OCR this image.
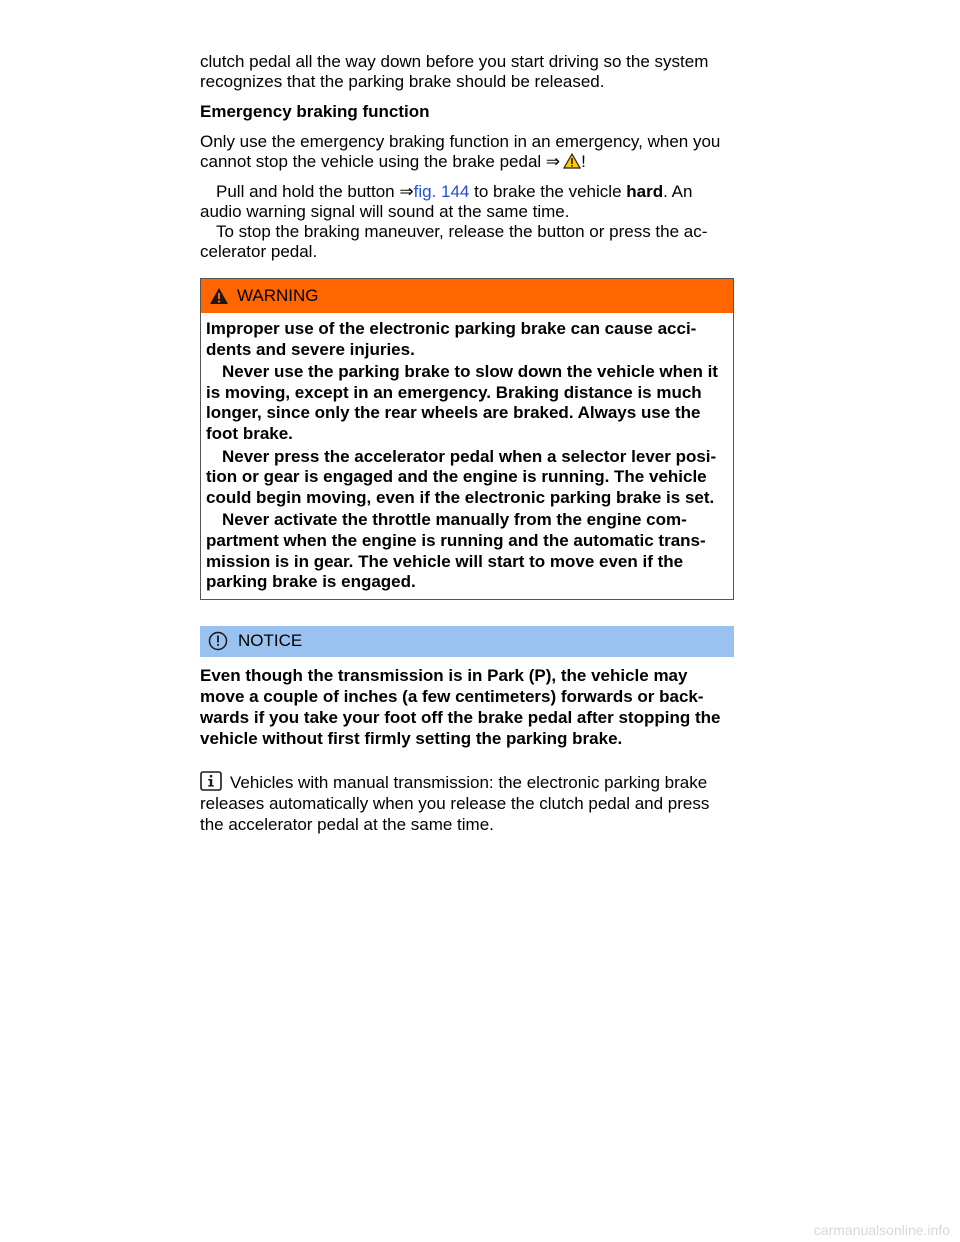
clutch pedal all the way down before you start driving so the system recognizes that the parking brake should be released.

Emergency braking function

Only use the emergency braking function in an emergency, when you cannot stop the vehicle using the brake pedal ⇒ !

Pull and hold the button ⇒fig. 144 to brake the vehicle hard. An audio warning signal will sound at the same time.

To stop the braking maneuver, release the button or press the ac-celerator pedal.

WARNING

Improper use of the electronic parking brake can cause acci-dents and severe injuries.

Never use the parking brake to slow down the vehicle when it is moving, except in an emergency. Braking distance is much longer, since only the rear wheels are braked. Always use the foot brake.

Never press the accelerator pedal when a selector lever posi-tion or gear is engaged and the engine is running. The vehicle could begin moving, even if the electronic parking brake is set.

Never activate the throttle manually from the engine com-partment when the engine is running and the automatic trans-mission is in gear. The vehicle will start to move even if the parking brake is engaged.

NOTICE
Even though the transmission is in Park (P), the vehicle may move a couple of inches (a few centimeters) forwards or back-wards if you take your foot off the brake pedal after stopping the vehicle without first firmly setting the parking brake.

Vehicles with manual transmission: the electronic parking brake releases automatically when you release the clutch pedal and press the accelerator pedal at the same time.

carmanualsonline.info
